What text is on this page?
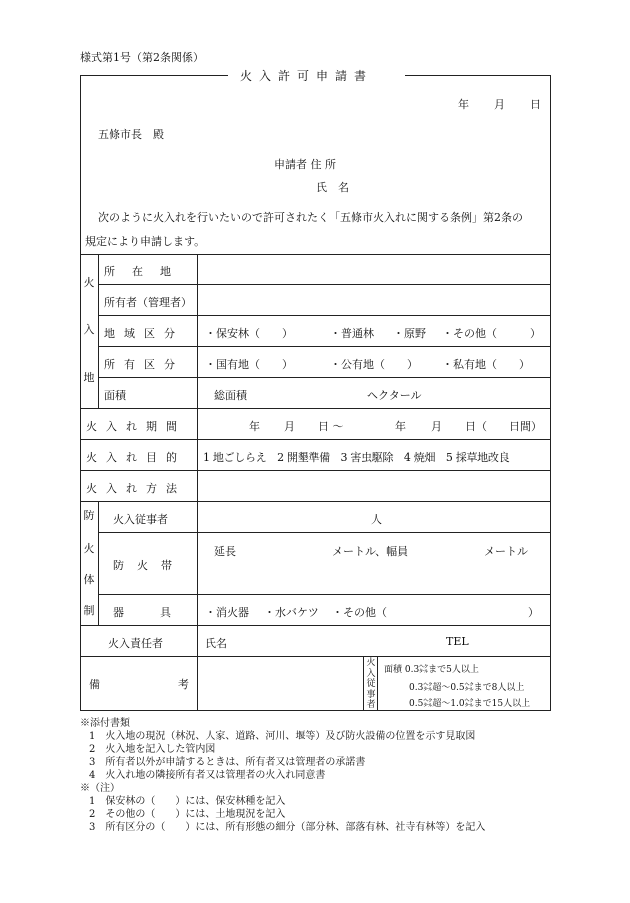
様式第1号（第2条関係）
火入許可申請書
年 月 日
五條市長　殿
申請者 住 所
氏　名
次のように火入れを行いたいので許可されたく「五條市火入れに関する条例」第2条の
規定により申請します。
火
入
地
所在地
所有者（管理者）
地域区分 ・保安林（　　）	・普通林 ・原野 ・その他（　　　）
所有区分 ・国有地（　　）	・公有地（　　） ・私有地（　　）
面積	総面積	ヘクタール
火入れ期間	年 月 日 〜	年 月 日（　　日間）
火入れ目的 1 地ごしらえ　2 開墾準備　3 害虫駆除　4 焼畑　5 採草地改良
火入れ方法
防
火
体
制
火入従事者	人
防火帯
延長	メートル、幅員	メートル
器具
・消火器 ・水バケツ ・その他（	）
火入責任者	氏名	TEL
備	考
火
入
従
事
者
面積 0.3㌶まで5人以上
0.3㌶超〜0.5㌶まで8人以上
0.5㌶超〜1.0㌶まで15人以上
※添付書類
1　火入地の現況（林況、人家、道路、河川、堰等）及び防火設備の位置を示す見取図
2　火入地を記入した管内図
3　所有者以外が申請するときは、所有者又は管理者の承諾書
4　火入れ地の隣接所有者又は管理者の火入れ同意書
※（注）
1　保安林の（　　）には、保安林種を記入
2　その他の（　　）には、土地現況を記入
3　所有区分の（　　）には、所有形態の細分（部分林、部落有林、社寺有林等）を記入
